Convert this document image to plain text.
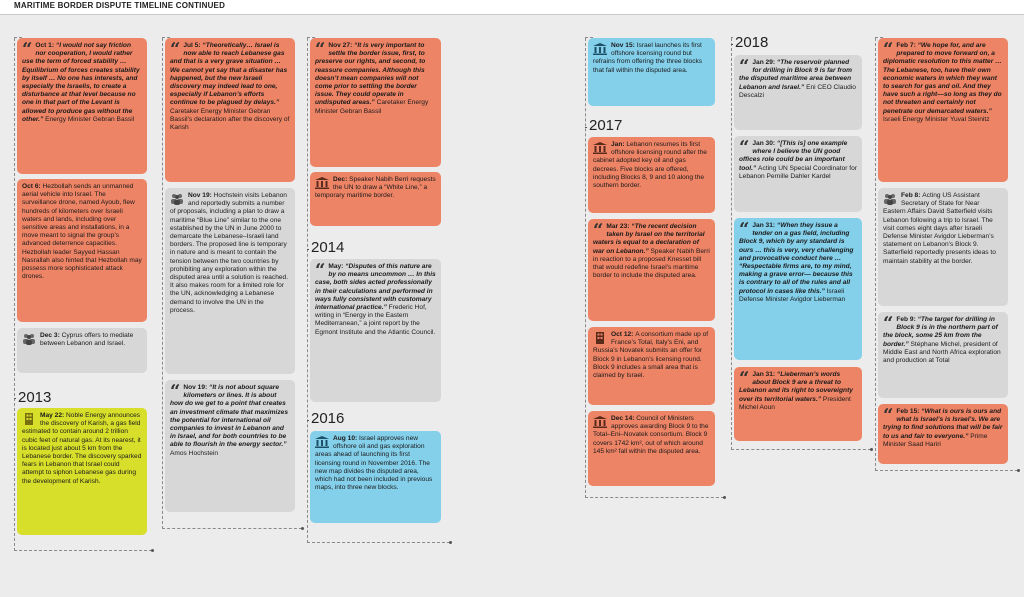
MARITIME BORDER DISPUTE TIMELINE CONTINUED
“ Oct 1: “I would not say friction nor cooperation, I would rather use the term of forced stability … Equilibrium of forces creates stability by itself … No one has interests, and especially the Israelis, to create a disturbance at that level because no one in that part of the Levant is allowed to produce gas without the other.” Energy Minister Gebran Bassil
Oct 6: Hezbollah sends an unmanned aerial vehicle into Israel. The surveillance drone, named Ayoub, flew hundreds of kilometers over Israeli waters and lands, including over sensitive areas and installations, in a move meant to signal the group’s advanced deterrence capacities. Hezbollah leader Sayyed Hassan Nasrallah also hinted that Hezbollah may possess more sophisticated attack drones.
Dec 3: Cyprus offers to mediate between Lebanon and Israel.
2013
May 22: Noble Energy announces the discovery of Karish, a gas field estimated to contain around 2 trillion cubic feet of natural gas. At its nearest, it is located just about 5 km from the Lebanese border. The discovery sparked fears in Lebanon that Israel could attempt to siphon Lebanese gas during the development of Karish.
“ Jul 5: “Theoretically… Israel is now able to reach Lebanese gas and that is a very grave situation … We cannot yet say that a disaster has happened, but the new Israeli discovery may indeed lead to one, especially if Lebanon’s efforts continue to be plagued by delays.” Caretaker Energy Minister Gebran Bassil’s declaration after the discovery of Karish
Nov 19: Hochstein visits Lebanon and reportedly submits a number of proposals, including a plan to draw a maritime “Blue Line” similar to the one established by the UN in June 2000 to demarcate the Lebanese–Israeli land borders. The proposed line is temporary in nature and is meant to contain the tension between the two countries by prohibiting any exploration within the disputed area until a solution is reached. It also makes room for a limited role for the UN, acknowledging a Lebanese demand to involve the UN in the process.
“ Nov 19: “It is not about square kilometers or lines. It is about how do we get to a point that creates an investment climate that maximizes the potential for international oil companies to invest in Lebanon and in Israel, and for both countries to be able to flourish in the energy sector.” Amos Hochstein
“ Nov 27: “It is very important to settle the border issue, first, to preserve our rights, and second, to reassure companies. Although this doesn’t mean companies will not come prior to settling the border issue. They could operate in undisputed areas.” Caretaker Energy Minister Gebran Bassil
Dec: Speaker Nabih Berri requests the UN to draw a “White Line,” a temporary maritime border.
2014
“ May: “Disputes of this nature are by no means uncommon … In this case, both sides acted professionally in their calculations and performed in ways fully consistent with customary international practice.” Frederic Hof, writing in “Energy in the Eastern Mediterranean,” a joint report by the Egmont Institute and the Atlantic Council.
2016
Aug 10: Israel approves new offshore oil and gas exploration areas ahead of launching its first licensing round in November 2016. The new map divides the disputed area, which had not been included in previous maps, into three new blocks.
Nov 15: Israel launches its first offshore licensing round but refrains from offering the three blocks that fall within the disputed area.
2017
Jan: Lebanon resumes its first offshore licensing round after the cabinet adopted key oil and gas decrees. Five blocks are offered, including Blocks 8, 9 and 10 along the southern border.
“ Mar 23: “The recent decision taken by Israel on the territorial waters is equal to a declaration of war on Lebanon.” Speaker Nabih Berri in reaction to a proposed Knesset bill that would redefine Israel’s maritime border to include the disputed area.
Oct 12: A consortium made up of France’s Total, Italy’s Eni, and Russia’s Novatek submits an offer for Block 9 in Lebanon’s licensing round. Block 9 includes a small area that is claimed by Israel.
Dec 14: Council of Ministers approves awarding Block 9 to the Total–Eni–Novatek consortium. Block 9 covers 1742 km², out of which around 145 km² fall within the disputed area.
2018
“ Jan 29: “The reservoir planned for drilling in Block 9 is far from the disputed maritime area between Lebanon and Israel.” Eni CEO Claudio Descalzi
“ Jan 30: “[This is] one example where I believe the UN good offices role could be an important tool.” Acting UN Special Coordinator for Lebanon Pernille Dahler Kardel
“ Jan 31: “When they issue a tender on a gas field, including Block 9, which by any standard is ours … this is very, very challenging and provocative conduct here … “Respectable firms are, to my mind, making a grave error— because this is contrary to all of the rules and all protocol in cases like this.” Israeli Defense Minister Avigdor Lieberman
“ Jan 31: “Lieberman’s words about Block 9 are a threat to Lebanon and its right to sovereignty over its territorial waters.” President Michel Aoun
“ Feb 7: “We hope for, and are prepared to move forward on, a diplomatic resolution to this matter … The Lebanese, too, have their own economic waters in which they want to search for gas and oil. And they have such a right—so long as they do not threaten and certainly not penetrate our demarcated waters.” Israeli Energy Minister Yuval Steinitz
Feb 8: Acting US Assistant Secretary of State for Near Eastern Affairs David Satterfield visits Lebanon following a trip to Israel. The visit comes eight days after Israeli Defense Minister Avigdor Lieberman’s statement on Lebanon’s Block 9. Satterfield reportedly presents ideas to maintain stability at the border.
“ Feb 9: “The target for drilling in Block 9 is in the northern part of the block, some 25 km from the border.” Stéphane Michel, president of Middle East and North Africa exploration and production at Total
“ Feb 15: “What is ours is ours and what is Israel’s is Israel’s. We are trying to find solutions that will be fair to us and fair to everyone.” Prime Minister Saad Hariri
